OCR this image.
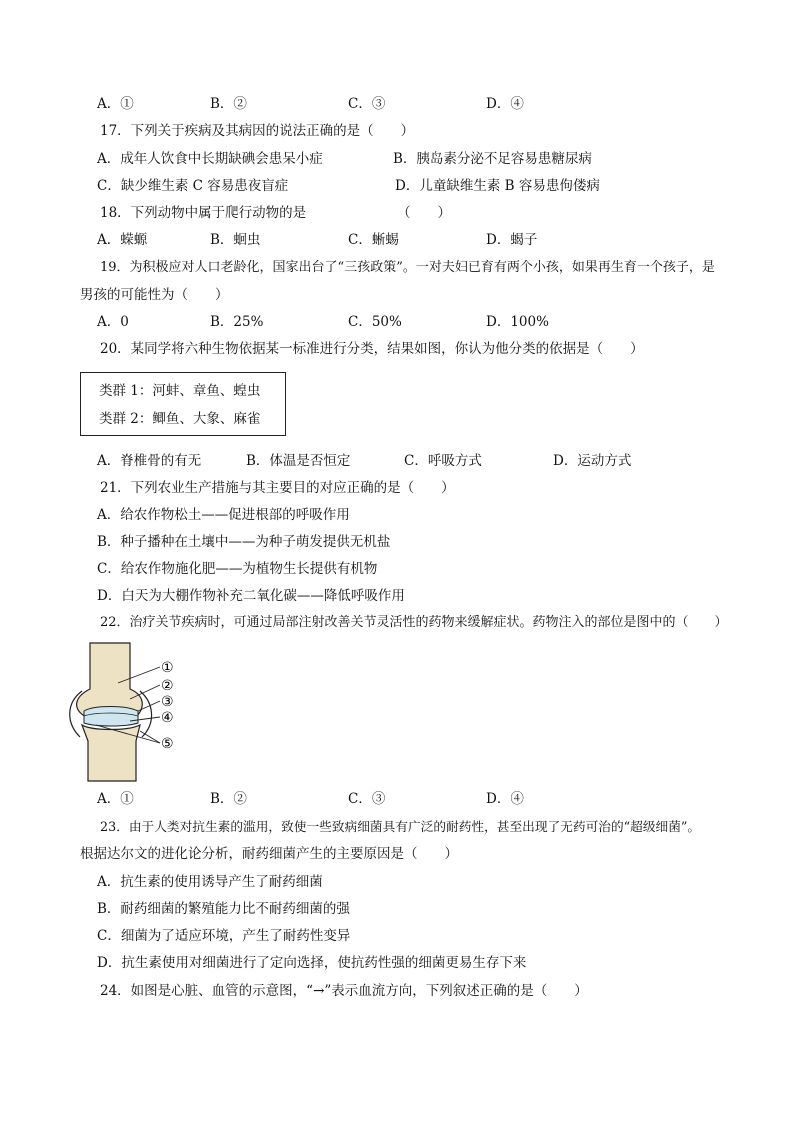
A．①	B．②	C．③	D．④
17．下列关于疾病及其病因的说法正确的是（　　）
A．成年人饮食中长期缺碘会患呆小症	B．胰岛素分泌不足容易患糖尿病
C．缺少维生素 C 容易患夜盲症	D．儿童缺维生素 B 容易患佝偻病
18．下列动物中属于爬行动物的是	（　　）
A．蝾螈	B．蛔虫	C．蜥蜴	D．蝎子
19．为积极应对人口老龄化，国家出台了“三孩政策”。一对夫妇已育有两个小孩，如果再生育一个孩子，是
男孩的可能性为（　　）
A．0	B．25%	C．50%	D．100%
20．某同学将六种生物依据某一标准进行分类，结果如图，你认为他分类的依据是（　　）
类群 1：河蚌、章鱼、蝗虫
类群 2：鲫鱼、大象、麻雀
A．脊椎骨的有无	B．体温是否恒定	C．呼吸方式	D．运动方式
21．下列农业生产措施与其主要目的对应正确的是（　　）
A．给农作物松土——促进根部的呼吸作用
B．种子播种在土壤中——为种子萌发提供无机盐
C．给农作物施化肥——为植物生长提供有机物
D．白天为大棚作物补充二氧化碳——降低呼吸作用
22．治疗关节疾病时，可通过局部注射改善关节灵活性的药物来缓解症状。药物注入的部位是图中的（　　）
①
②
③
④
⑤
A．①	B．②	C．③	D．④
23．由于人类对抗生素的滥用，致使一些致病细菌具有广泛的耐药性，甚至出现了无药可治的“超级细菌”。
根据达尔文的进化论分析，耐药细菌产生的主要原因是（　　）
A．抗生素的使用诱导产生了耐药细菌
B．耐药细菌的繁殖能力比不耐药细菌的强
C．细菌为了适应环境，产生了耐药性变异
D．抗生素使用对细菌进行了定向选择，使抗药性强的细菌更易生存下来
24．如图是心脏、血管的示意图，“→”表示血流方向，下列叙述正确的是（　　）
